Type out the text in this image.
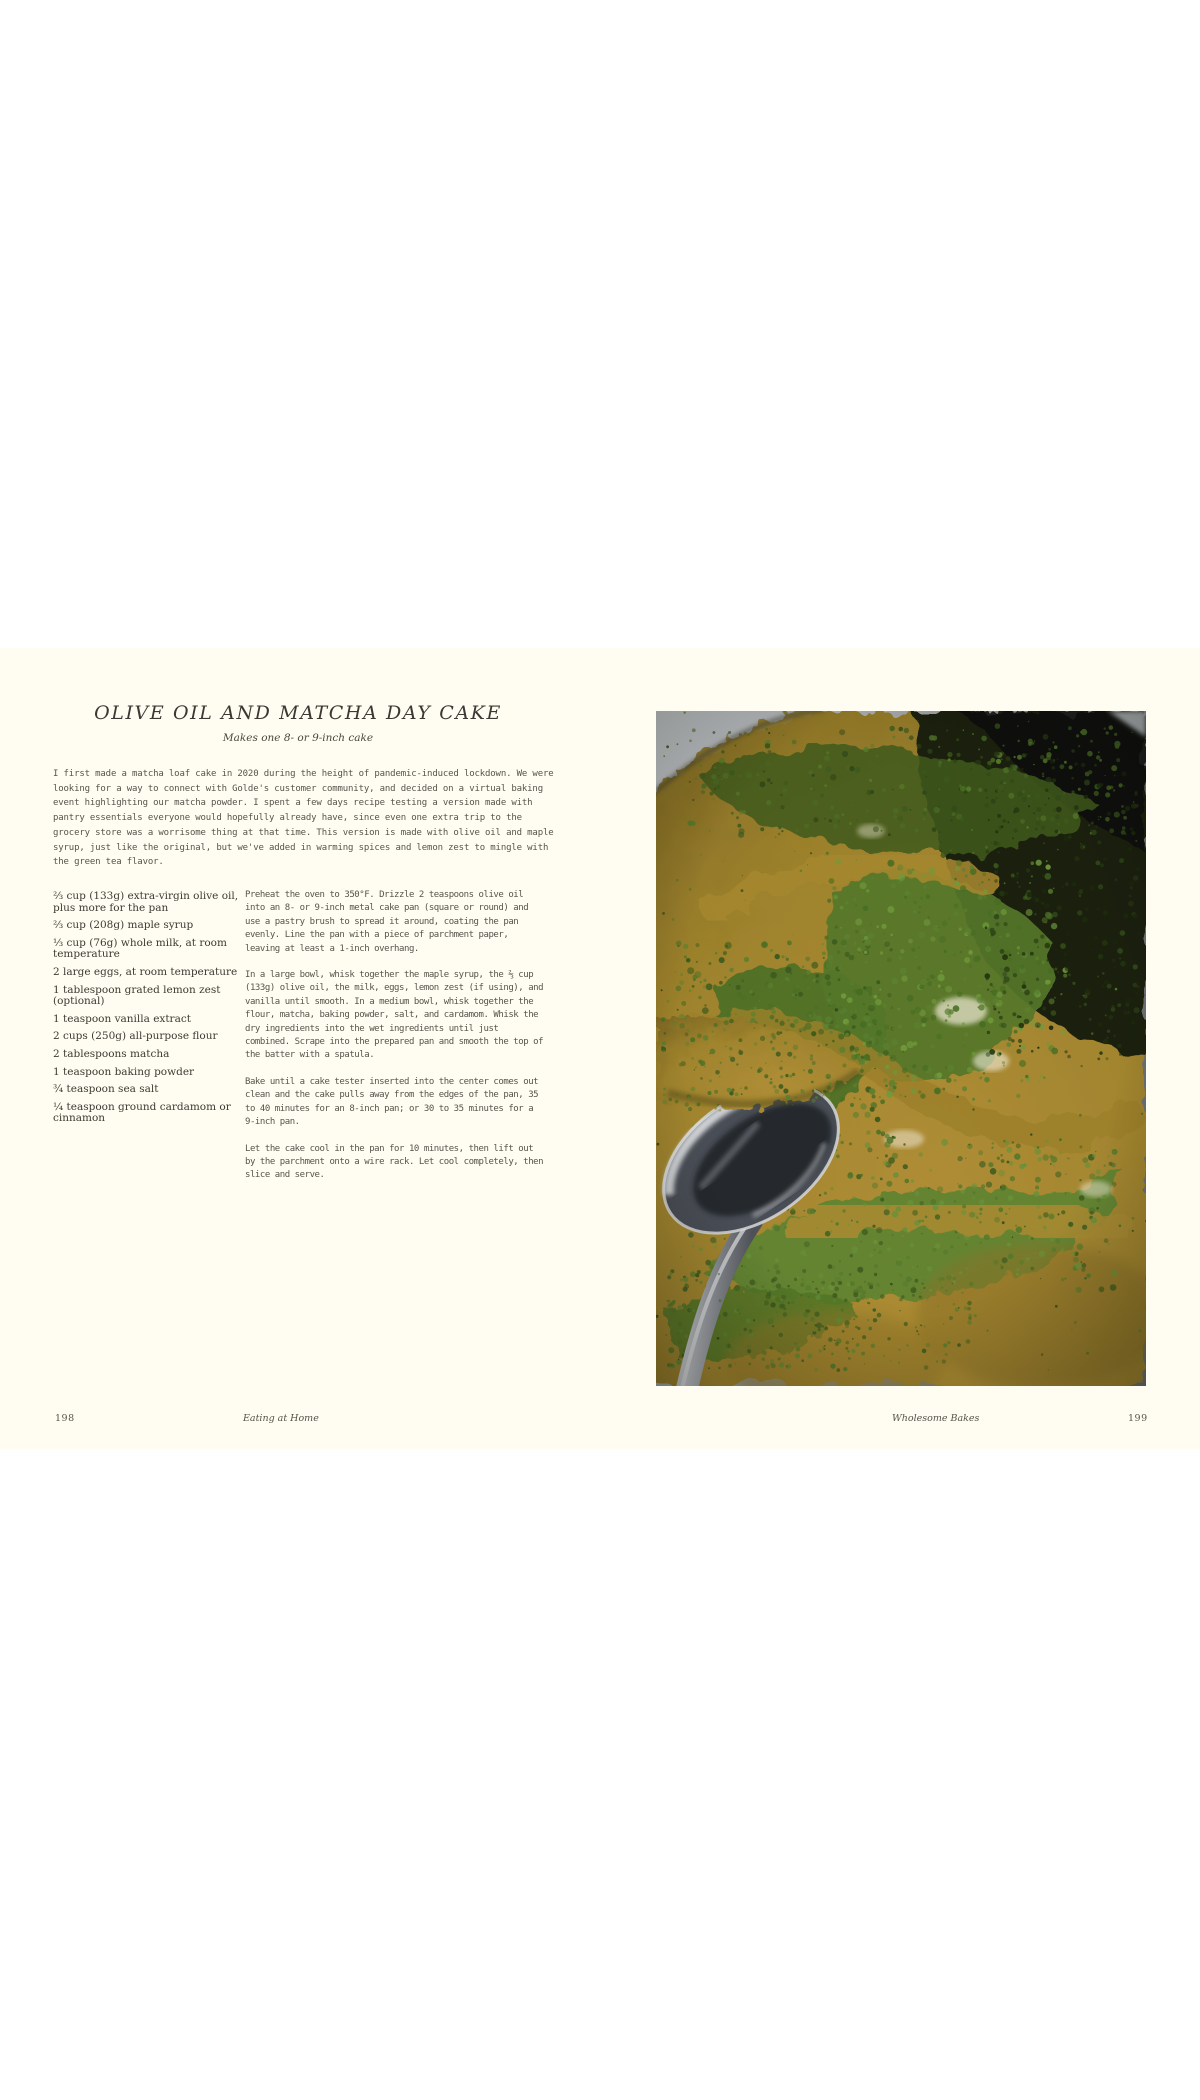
OLIVE OIL AND MATCHA DAY CAKE
Makes one 8- or 9-inch cake

I first made a matcha loaf cake in 2020 during the height of pandemic-induced lockdown. We were looking for a way to connect with Golde's customer community, and decided on a virtual baking event highlighting our matcha powder. I spent a few days recipe testing a version made with pantry essentials everyone would hopefully already have, since even one extra trip to the grocery store was a worrisome thing at that time. This version is made with olive oil and maple syrup, just like the original, but we've added in warming spices and lemon zest to mingle with the green tea flavor.

⅔ cup (133g) extra-virgin olive oil, plus more for the pan
⅔ cup (208g) maple syrup
⅓ cup (76g) whole milk, at room temperature
2 large eggs, at room temperature
1 tablespoon grated lemon zest (optional)
1 teaspoon vanilla extract
2 cups (250g) all-purpose flour
2 tablespoons matcha
1 teaspoon baking powder
¾ teaspoon sea salt
¼ teaspoon ground cardamom or cinnamon

Preheat the oven to 350°F. Drizzle 2 teaspoons olive oil into an 8- or 9-inch metal cake pan (square or round) and use a pastry brush to spread it around, coating the pan evenly. Line the pan with a piece of parchment paper, leaving at least a 1-inch overhang.

In a large bowl, whisk together the maple syrup, the ⅔ cup (133g) olive oil, the milk, eggs, lemon zest (if using), and vanilla until smooth. In a medium bowl, whisk together the flour, matcha, baking powder, salt, and cardamom. Whisk the dry ingredients into the wet ingredients until just combined. Scrape into the prepared pan and smooth the top of the batter with a spatula.

Bake until a cake tester inserted into the center comes out clean and the cake pulls away from the edges of the pan, 35 to 40 minutes for an 8-inch pan; or 30 to 35 minutes for a 9-inch pan.

Let the cake cool in the pan for 10 minutes, then lift out by the parchment onto a wire rack. Let cool completely, then slice and serve.

198	Eating at Home	Wholesome Bakes	199
